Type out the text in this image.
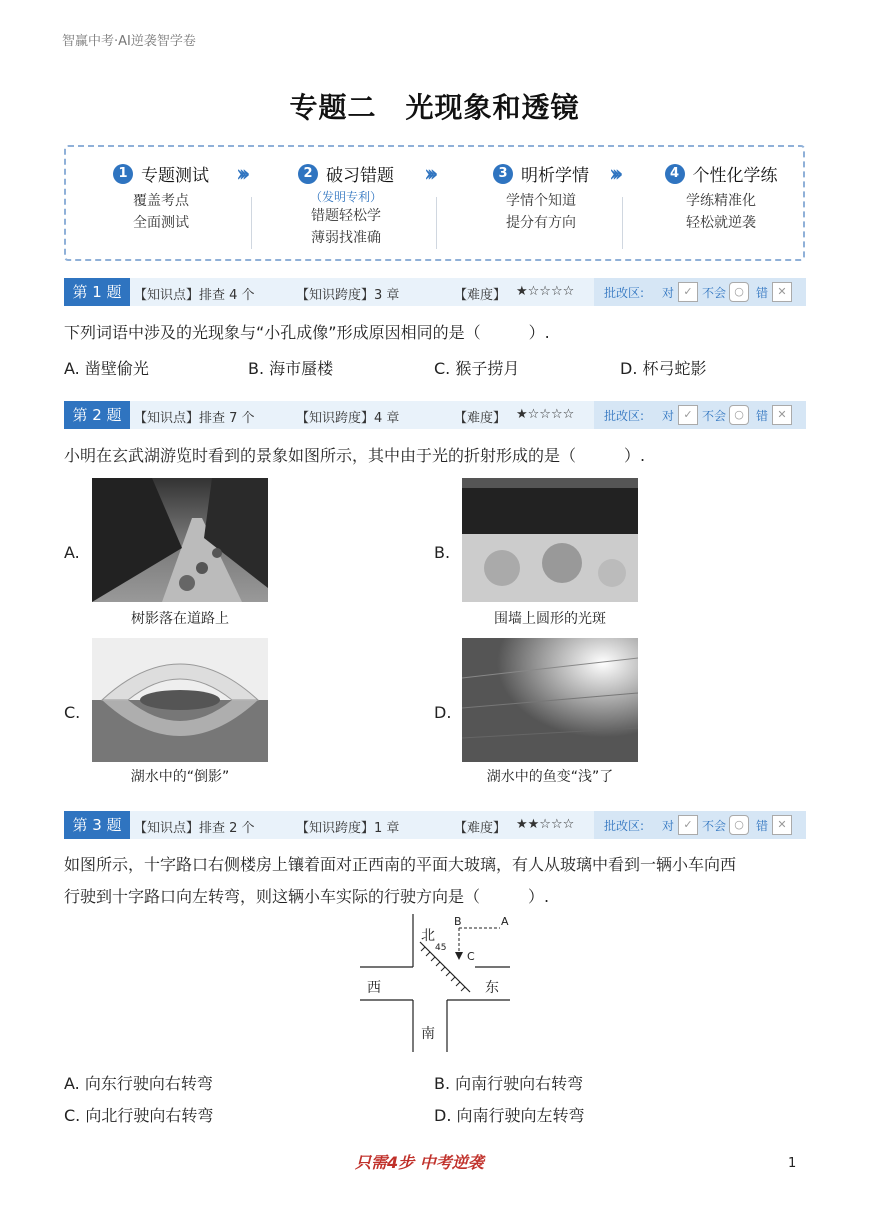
智赢中考·AI逆袭智学卷
专题二　光现象和透镜
1 专题测试
覆盖考点
全面测试
›››	2 破习错题
（发明专利）
错题轻松学
薄弱找准确
›››	3 明析学情
学情个知道
提分有方向
›››	4 个性化学练
学练精准化
轻松就逆袭
第 1 题 【知识点】排查 4 个	【知识跨度】3 章	【难度】 ★☆☆☆☆ 批改区: 对 ✓ 不会 ○	错 ✕
下列词语中涉及的光现象与“小孔成像”形成原因相同的是（　　　）.
A. 凿壁偷光	B. 海市蜃楼	C. 猴子捞月	D. 杯弓蛇影
第 2 题 【知识点】排查 7 个	【知识跨度】4 章	【难度】 ★☆☆☆☆ 批改区: 对 ✓ 不会 ○	错 ✕
小明在玄武湖游览时看到的景象如图所示，其中由于光的折射形成的是（　　　）.
A.
树影落在道路上
B.
围墙上圆形的光斑
C.
湖水中的“倒影”
D.
湖水中的鱼变“浅”了
第 3 题 【知识点】排查 2 个	【知识跨度】1 章	【难度】 ★★☆☆☆ 批改区: 对 ✓ 不会 ○	错 ✕
如图所示，十字路口右侧楼房上镶着面对正西南的平面大玻璃，有人从玻璃中看到一辆小车向西
行驶到十字路口向左转弯，则这辆小车实际的行驶方向是（　　　）.
北
45
B	A
C
西	东
南
A. 向东行驶向右转弯	B. 向南行驶向右转弯
C. 向北行驶向右转弯	D. 向南行驶向左转弯
只需4步 中考逆袭	1
